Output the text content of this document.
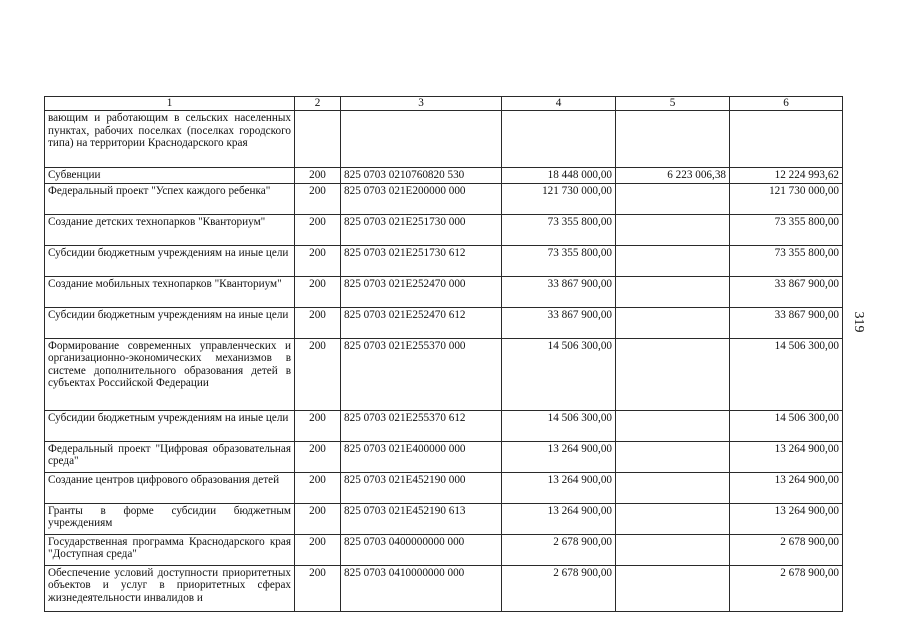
1	2	3	4	5	6
вающим и работающим в сельских населенных пунктах, рабочих поселках (поселках городского типа) на территории Краснодарского края					
Субвенции	200	825 0703 0210760820 530	18 448 000,00	6 223 006,38	12 224 993,62
Федеральный проект "Успех каждого ребенка"	200	825 0703 021E200000 000	121 730 000,00		121 730 000,00
Создание детских технопарков "Кванториум"	200	825 0703 021E251730 000	73 355 800,00		73 355 800,00
Субсидии бюджетным учреждениям на иные цели	200	825 0703 021E251730 612	73 355 800,00		73 355 800,00
Создание мобильных технопарков "Кванториум"	200	825 0703 021E252470 000	33 867 900,00		33 867 900,00
Субсидии бюджетным учреждениям на иные цели	200	825 0703 021E252470 612	33 867 900,00		33 867 900,00
Формирование современных управленческих и организационно-экономических механизмов в системе дополнительного образования детей в субъектах Российской Федерации	200	825 0703 021E255370 000	14 506 300,00		14 506 300,00
Субсидии бюджетным учреждениям на иные цели	200	825 0703 021E255370 612	14 506 300,00		14 506 300,00
Федеральный проект "Цифровая образовательная среда"	200	825 0703 021E400000 000	13 264 900,00		13 264 900,00
Создание центров цифрового образования детей	200	825 0703 021E452190 000	13 264 900,00		13 264 900,00
Гранты в форме субсидии бюджетным учреждениям	200	825 0703 021E452190 613	13 264 900,00		13 264 900,00
Государственная программа Краснодарского края "Доступная среда"	200	825 0703 0400000000 000	2 678 900,00		2 678 900,00
Обеспечение условий доступности приоритетных объектов и услуг в приоритетных сферах жизнедеятельности инвалидов и	200	825 0703 0410000000 000	2 678 900,00		2 678 900,00
319
